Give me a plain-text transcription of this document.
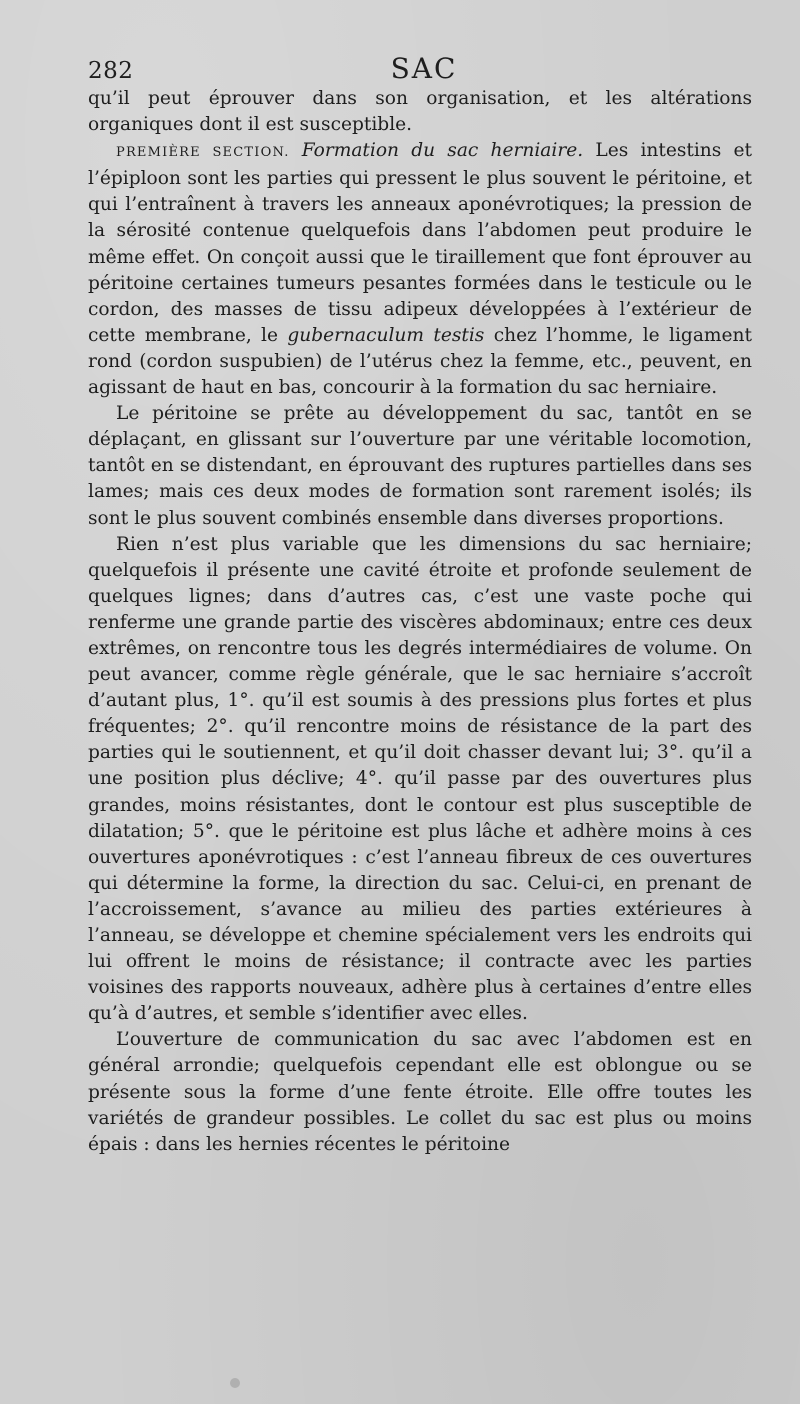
282	SAC

qu’il peut éprouver dans son organisation, et les altérations organiques dont il est susceptible.

PREMIÈRE SECTION. Formation du sac herniaire. Les intestins et l’épiploon sont les parties qui pressent le plus souvent le péritoine, et qui l’entraînent à travers les anneaux aponévrotiques; la pression de la sérosité contenue quelquefois dans l’abdomen peut produire le même effet. On conçoit aussi que le tiraillement que font éprouver au péritoine certaines tumeurs pesantes formées dans le testicule ou le cordon, des masses de tissu adipeux développées à l’extérieur de cette membrane, le gubernaculum testis chez l’homme, le ligament rond (cordon suspubien) de l’utérus chez la femme, etc., peuvent, en agissant de haut en bas, concourir à la formation du sac herniaire.

Le péritoine se prête au développement du sac, tantôt en se déplaçant, en glissant sur l’ouverture par une véritable locomotion, tantôt en se distendant, en éprouvant des ruptures partielles dans ses lames; mais ces deux modes de formation sont rarement isolés; ils sont le plus souvent combinés ensemble dans diverses proportions.

Rien n’est plus variable que les dimensions du sac herniaire; quelquefois il présente une cavité étroite et profonde seulement de quelques lignes; dans d’autres cas, c’est une vaste poche qui renferme une grande partie des viscères abdominaux; entre ces deux extrêmes, on rencontre tous les degrés intermédiaires de volume. On peut avancer, comme règle générale, que le sac herniaire s’accroît d’autant plus, 1°. qu’il est soumis à des pressions plus fortes et plus fréquentes; 2°. qu’il rencontre moins de résistance de la part des parties qui le soutiennent, et qu’il doit chasser devant lui; 3°. qu’il a une position plus déclive; 4°. qu’il passe par des ouvertures plus grandes, moins résistantes, dont le contour est plus susceptible de dilatation; 5°. que le péritoine est plus lâche et adhère moins à ces ouvertures aponévrotiques : c’est l’anneau fibreux de ces ouvertures qui détermine la forme, la direction du sac. Celui-ci, en prenant de l’accroissement, s’avance au milieu des parties extérieures à l’anneau, se développe et chemine spécialement vers les endroits qui lui offrent le moins de résistance; il contracte avec les parties voisines des rapports nouveaux, adhère plus à certaines d’entre elles qu’à d’autres, et semble s’identifier avec elles.

L’ouverture de communication du sac avec l’abdomen est en général arrondie; quelquefois cependant elle est oblongue ou se présente sous la forme d’une fente étroite. Elle offre toutes les variétés de grandeur possibles. Le collet du sac est plus ou moins épais : dans les hernies récentes le péritoine
